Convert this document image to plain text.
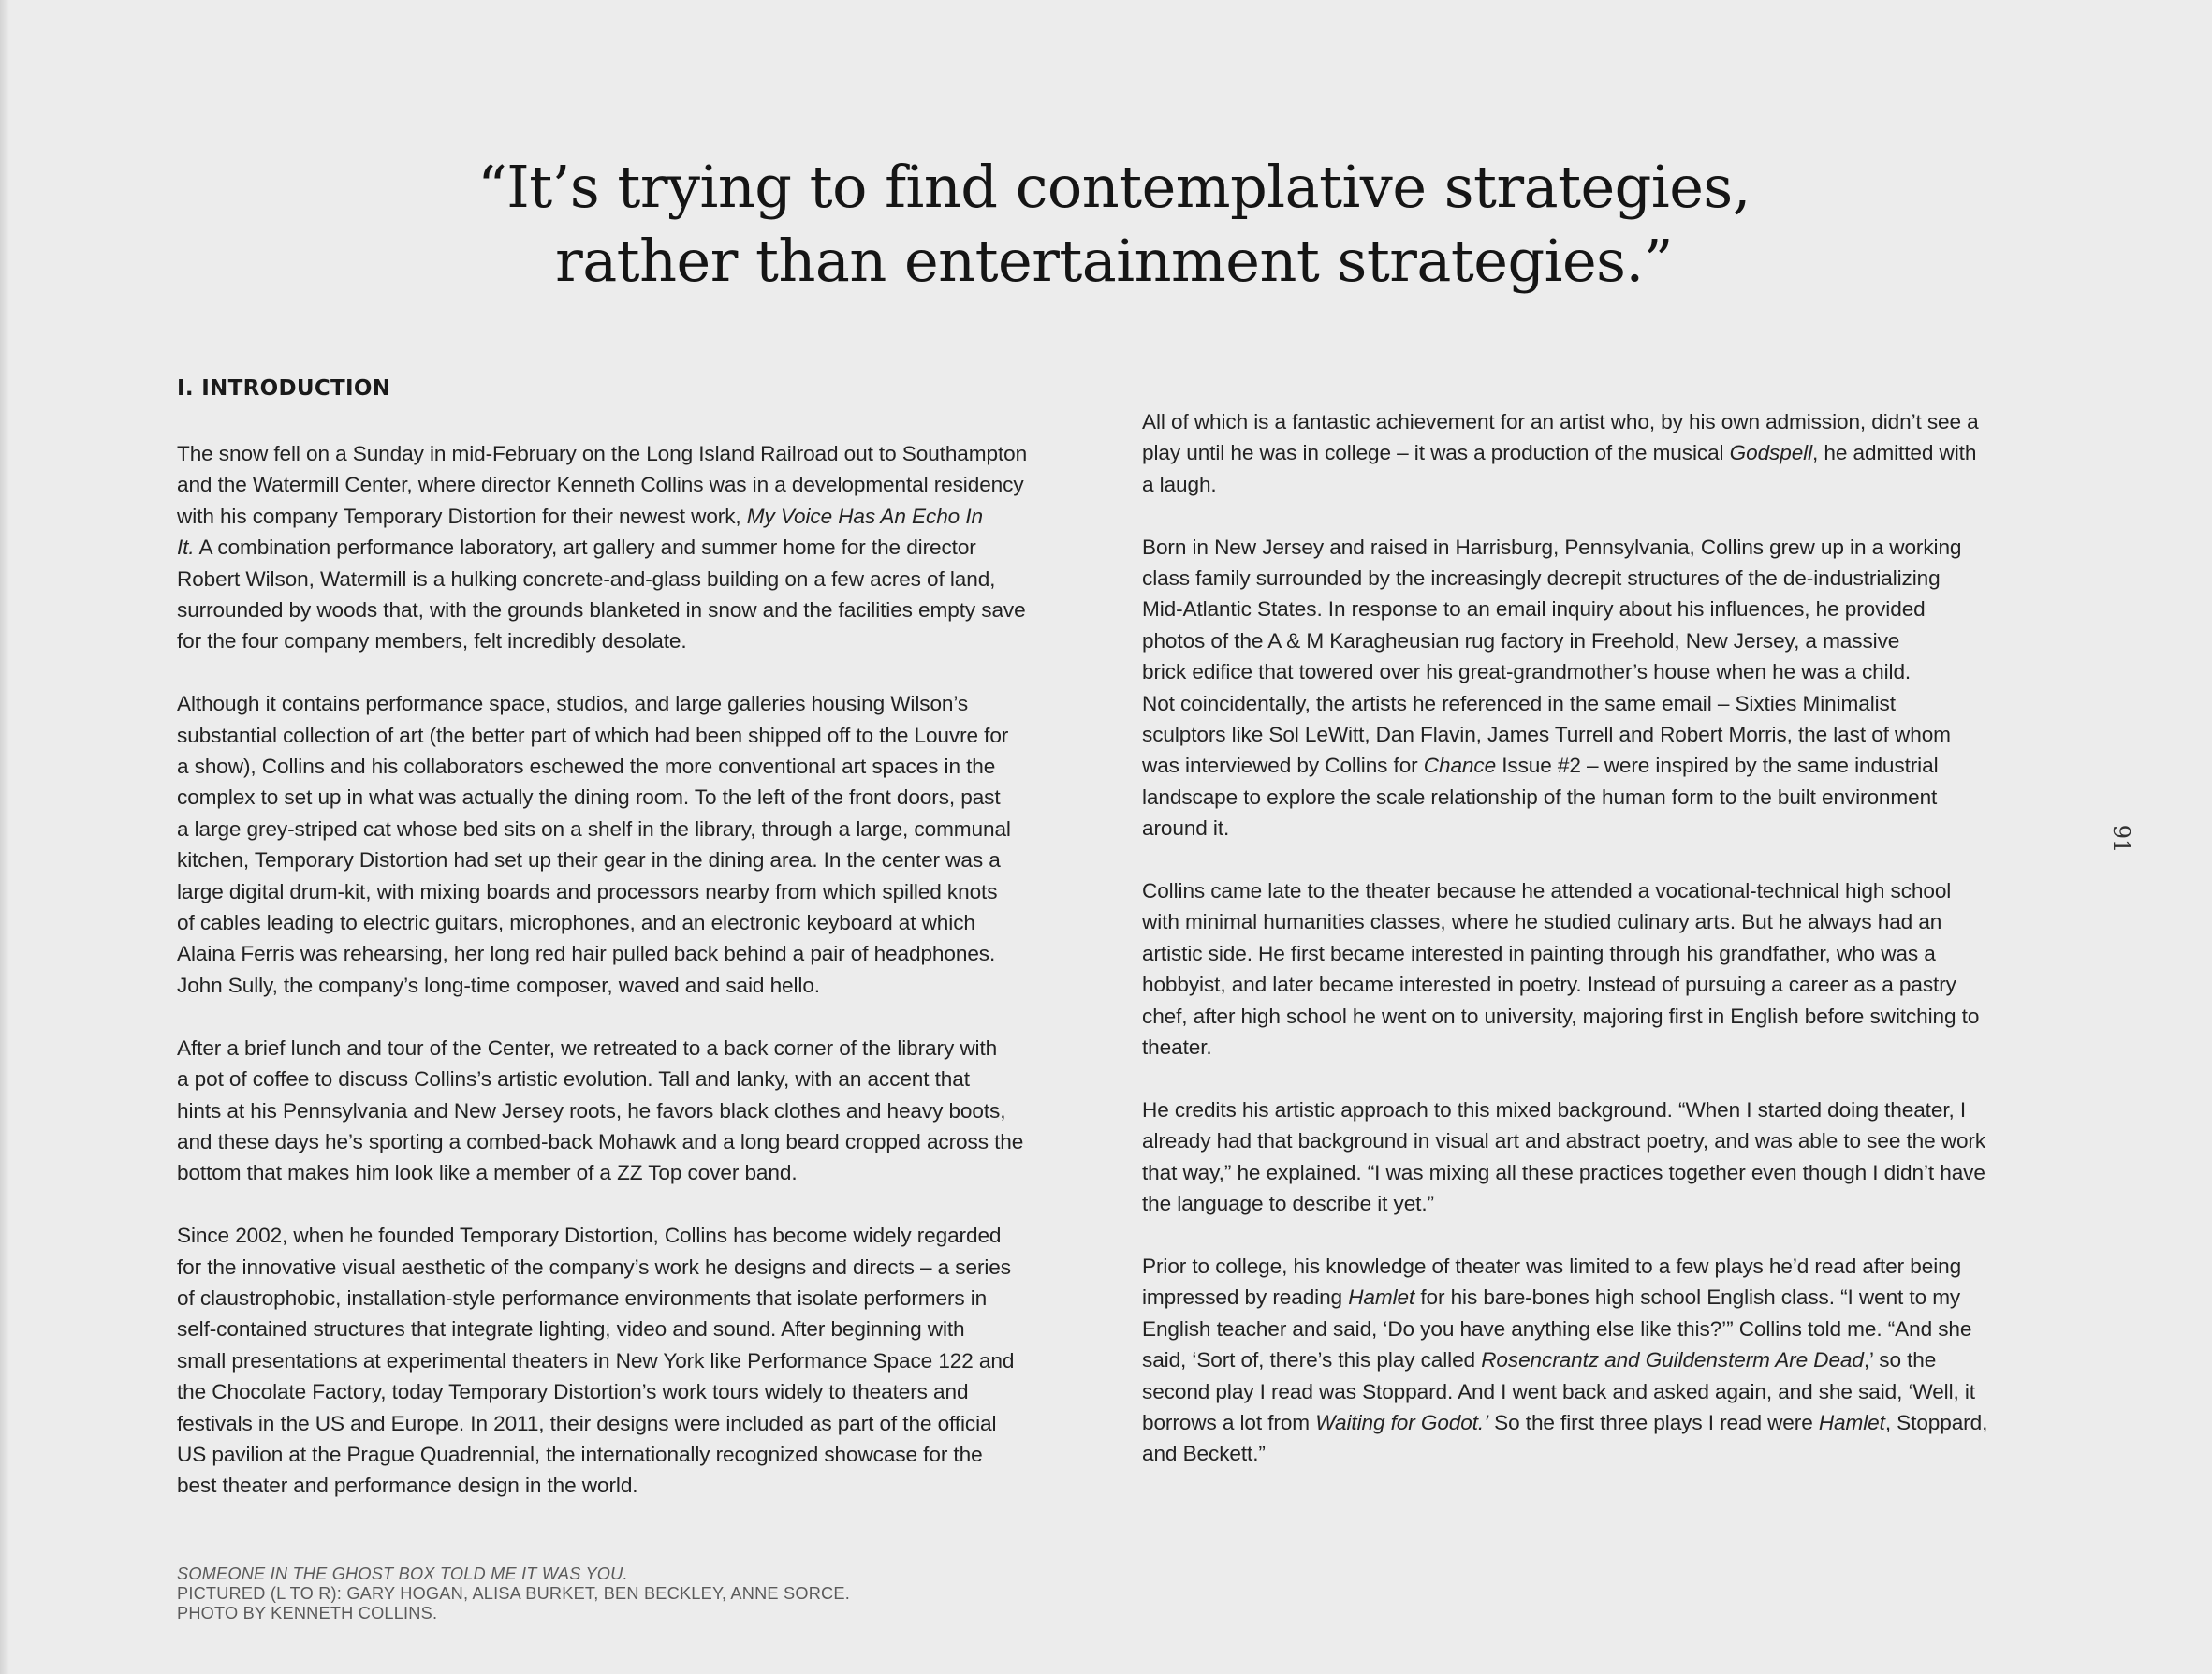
“It’s trying to find contemplative strategies,
rather than entertainment strategies.”
I. INTRODUCTION

The snow fell on a Sunday in mid-February on the Long Island Railroad out to Southampton
and the Watermill Center, where director Kenneth Collins was in a developmental residency
with his company Temporary Distortion for their newest work, My Voice Has An Echo In
It. A combination performance laboratory, art gallery and summer home for the director
Robert Wilson, Watermill is a hulking concrete-and-glass building on a few acres of land,
surrounded by woods that, with the grounds blanketed in snow and the facilities empty save
for the four company members, felt incredibly desolate.

Although it contains performance space, studios, and large galleries housing Wilson’s
substantial collection of art (the better part of which had been shipped off to the Louvre for
a show), Collins and his collaborators eschewed the more conventional art spaces in the
complex to set up in what was actually the dining room. To the left of the front doors, past
a large grey-striped cat whose bed sits on a shelf in the library, through a large, communal
kitchen, Temporary Distortion had set up their gear in the dining area. In the center was a
large digital drum-kit, with mixing boards and processors nearby from which spilled knots
of cables leading to electric guitars, microphones, and an electronic keyboard at which
Alaina Ferris was rehearsing, her long red hair pulled back behind a pair of headphones.
John Sully, the company’s long-time composer, waved and said hello.

After a brief lunch and tour of the Center, we retreated to a back corner of the library with
a pot of coffee to discuss Collins’s artistic evolution. Tall and lanky, with an accent that
hints at his Pennsylvania and New Jersey roots, he favors black clothes and heavy boots,
and these days he’s sporting a combed-back Mohawk and a long beard cropped across the
bottom that makes him look like a member of a ZZ Top cover band.

Since 2002, when he founded Temporary Distortion, Collins has become widely regarded
for the innovative visual aesthetic of the company’s work he designs and directs – a series
of claustrophobic, installation-style performance environments that isolate performers in
self-contained structures that integrate lighting, video and sound. After beginning with
small presentations at experimental theaters in New York like Performance Space 122 and
the Chocolate Factory, today Temporary Distortion’s work tours widely to theaters and
festivals in the US and Europe. In 2011, their designs were included as part of the official
US pavilion at the Prague Quadrennial, the internationally recognized showcase for the
best theater and performance design in the world.

All of which is a fantastic achievement for an artist who, by his own admission, didn’t see a
play until he was in college – it was a production of the musical Godspell, he admitted with
a laugh.

Born in New Jersey and raised in Harrisburg, Pennsylvania, Collins grew up in a working
class family surrounded by the increasingly decrepit structures of the de-industrializing
Mid-Atlantic States. In response to an email inquiry about his influences, he provided
photos of the A & M Karagheusian rug factory in Freehold, New Jersey, a massive
brick edifice that towered over his great-grandmother’s house when he was a child.
Not coincidentally, the artists he referenced in the same email – Sixties Minimalist
sculptors like Sol LeWitt, Dan Flavin, James Turrell and Robert Morris, the last of whom
was interviewed by Collins for Chance Issue #2 – were inspired by the same industrial
landscape to explore the scale relationship of the human form to the built environment
around it.

Collins came late to the theater because he attended a vocational-technical high school
with minimal humanities classes, where he studied culinary arts. But he always had an
artistic side. He first became interested in painting through his grandfather, who was a
hobbyist, and later became interested in poetry. Instead of pursuing a career as a pastry
chef, after high school he went on to university, majoring first in English before switching to
theater.

He credits his artistic approach to this mixed background. “When I started doing theater, I
already had that background in visual art and abstract poetry, and was able to see the work
that way,” he explained. “I was mixing all these practices together even though I didn’t have
the language to describe it yet.”

Prior to college, his knowledge of theater was limited to a few plays he’d read after being
impressed by reading Hamlet for his bare-bones high school English class. “I went to my
English teacher and said, ‘Do you have anything else like this?’” Collins told me. “And she
said, ‘Sort of, there’s this play called Rosencrantz and Guildensterm Are Dead,’ so the
second play I read was Stoppard. And I went back and asked again, and she said, ‘Well, it
borrows a lot from Waiting for Godot.’ So the first three plays I read were Hamlet, Stoppard,
and Beckett.”

91
SOMEONE IN THE GHOST BOX TOLD ME IT WAS YOU.
PICTURED (L TO R): GARY HOGAN, ALISA BURKET, BEN BECKLEY, ANNE SORCE.
PHOTO BY KENNETH COLLINS.
